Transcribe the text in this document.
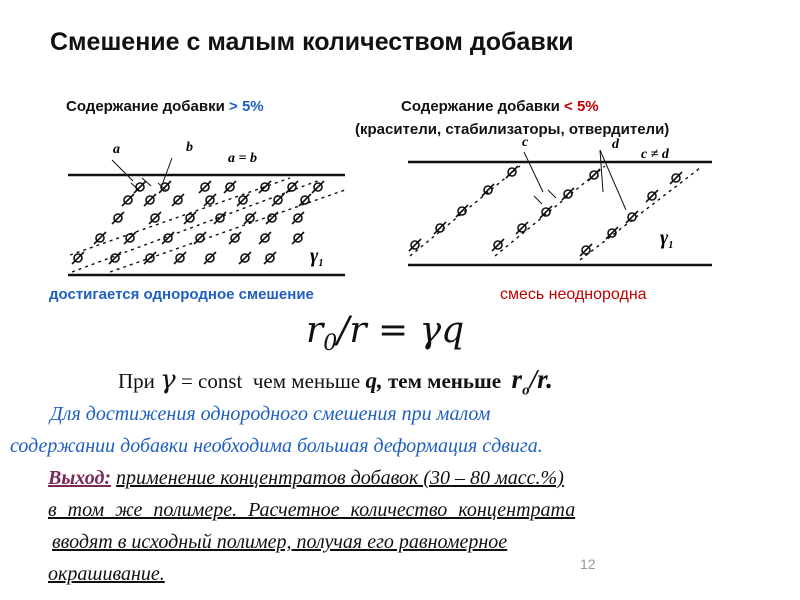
Смешение с малым количеством добавки
Содержание добавки > 5%	Содержание добавки < 5%
(красители, стабилизаторы, отвердители)
a	b
a = b
$\gamma_1$
c	d
c ≠ d
$\gamma_1$
достигается однородное смешение	смесь неоднородна
$r_0/r = \gamma q$
При γ = const чем меньше q, тем меньше $r_o/r$.
Для достижения однородного смешения при малом
содержании добавки необходима большая деформация сдвига.
Выход: применение концентратов добавок (30 – 80 масс.%)
в том же полимере. Расчетное количество концентрата
вводят в исходный полимер, получая его равномерное
окрашивание.	12
